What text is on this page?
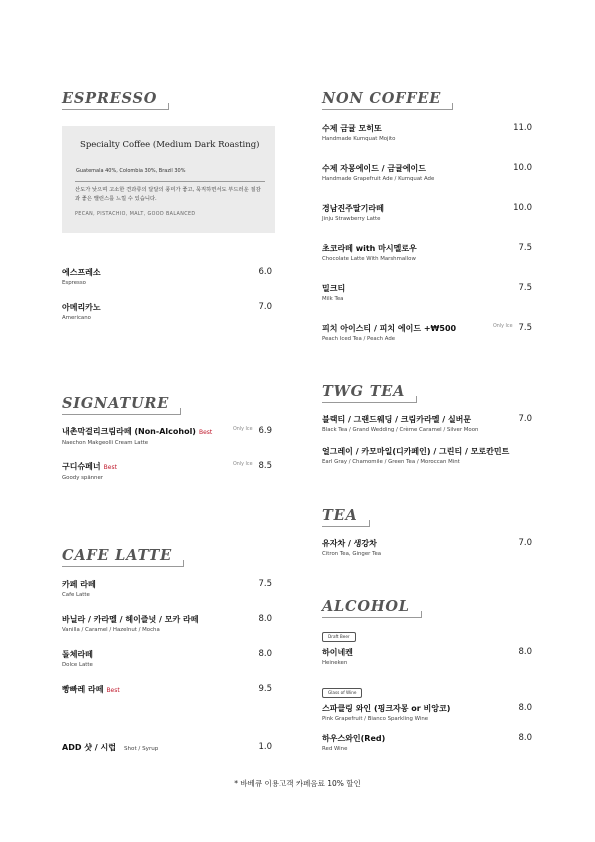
ESPRESSO
Specialty Coffee (Medium Dark Roasting)
Guatemala 40%, Colombia 30%, Brazil 30%
산도가 낮으며 고소한 견과류의 달달의 풍미가 좋고, 묵직하면서도 부드러운 질감과 좋은 밸런스를 느낄 수 있습니다.
PECAN, PISTACHIO, MALT, GOOD BALANCED
에스프레소
Espresso
6.0
아메리카노
Americano
7.0
SIGNATURE
내촌막걸리크림라떼 (Non-Alcohol) Best
Naechon Makgeolli Cream Latte
Only Ice 6.9
구디슈페너 Best
Goody spänner
Only Ice 8.5
CAFE LATTE
카페 라떼
Cafe Latte
7.5
바닐라 / 카라멜 / 헤이즐넛 / 모카 라떼
Vanilla / Caramel / Hazelnut / Mocha
8.0
돌체라떼
Dolce Latte
8.0
빵빠레 라떼 Best	9.5
ADD 샷 / 시럽 Shot / Syrup	1.0
NON COFFEE
수제 금귤 모히또
Handmade Kumquat Mojito
11.0
수제 자몽에이드 / 금귤에이드
Handmade Grapefruit Ade / Kumquat Ade
10.0
경남진주딸기라떼
Jinju Strawberry Latte
10.0
초코라떼 with 마시멜로우
Chocolate Latte With Marshmallow
7.5
밀크티
Milk Tea
7.5
피치 아이스티 / 피치 에이드 +₩500
Peach Iced Tea / Peach Ade
Only Ice 7.5
TWG TEA
블랙티 / 그랜드웨딩 / 크림카라멜 / 실버문
Black Tea / Grand Wedding / Crème Caramel / Silver Moon
7.0
얼그레이 / 카모마일(디카페인) / 그린티 / 모로칸민트
Earl Gray / Chamomile / Green Tea / Moroccan Mint
TEA
유자차 / 생강차
Citron Tea, Ginger Tea
7.0
ALCOHOL
Draft Beer
하이네켄
Heineken
8.0
Glass of Wine
스파클링 와인 (핑크자몽 or 비앙코)
Pink Grapefruit / Bianco Sparkling Wine
8.0
하우스와인(Red)
Red Wine
8.0
* 바베큐 이용고객 카페음료 10% 할인
